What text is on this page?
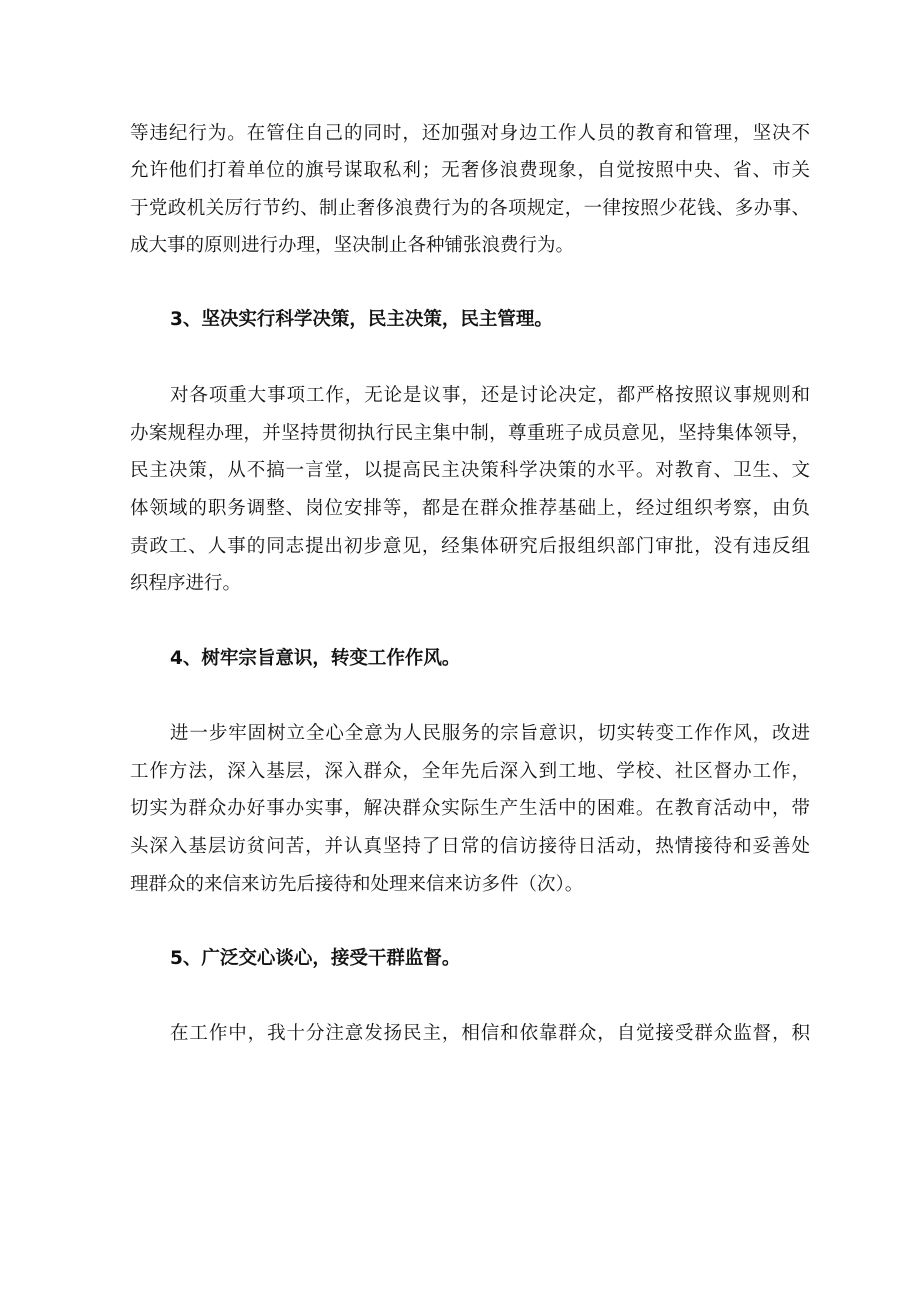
等违纪行为。在管住自己的同时，还加强对身边工作人员的教育和管理，坚决不
允许他们打着单位的旗号谋取私利；无奢侈浪费现象，自觉按照中央、省、市关
于党政机关厉行节约、制止奢侈浪费行为的各项规定，一律按照少花钱、多办事、
成大事的原则进行办理，坚决制止各种铺张浪费行为。
3、坚决实行科学决策，民主决策，民主管理。
对各项重大事项工作，无论是议事，还是讨论决定，都严格按照议事规则和
办案规程办理，并坚持贯彻执行民主集中制，尊重班子成员意见，坚持集体领导，
民主决策，从不搞一言堂，以提高民主决策科学决策的水平。对教育、卫生、文
体领域的职务调整、岗位安排等，都是在群众推荐基础上，经过组织考察，由负
责政工、人事的同志提出初步意见，经集体研究后报组织部门审批，没有违反组
织程序进行。
4、树牢宗旨意识，转变工作作风。
进一步牢固树立全心全意为人民服务的宗旨意识，切实转变工作作风，改进
工作方法，深入基层，深入群众，全年先后深入到工地、学校、社区督办工作，
切实为群众办好事办实事，解决群众实际生产生活中的困难。在教育活动中，带
头深入基层访贫问苦，并认真坚持了日常的信访接待日活动，热情接待和妥善处
理群众的来信来访先后接待和处理来信来访多件（次）。
5、广泛交心谈心，接受干群监督。
在工作中，我十分注意发扬民主，相信和依靠群众，自觉接受群众监督，积
